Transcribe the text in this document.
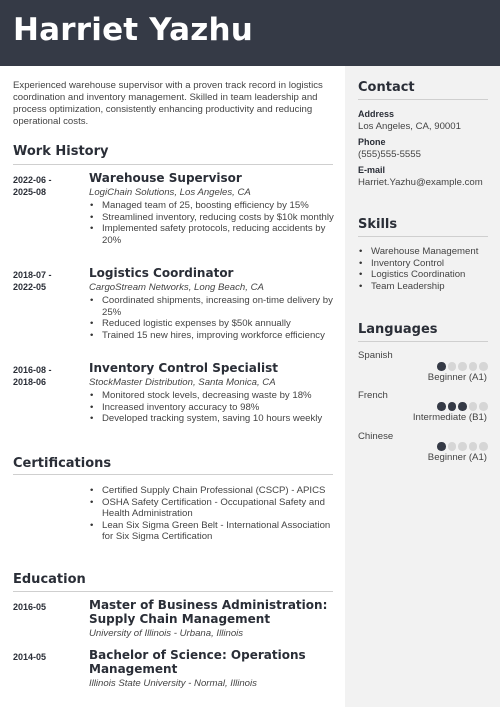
Harriet Yazhu

Experienced warehouse supervisor with a proven track record in logistics coordination and inventory management. Skilled in team leadership and process optimization, consistently enhancing productivity and reducing operational costs.

Work History
2022-06 -
2025-08
Warehouse Supervisor
LogiChain Solutions, Los Angeles, CA
• Managed team of 25, boosting efficiency by 15%
• Streamlined inventory, reducing costs by $10k monthly
• Implemented safety protocols, reducing accidents by 20%
2018-07 -
2022-05
Logistics Coordinator
CargoStream Networks, Long Beach, CA
• Coordinated shipments, increasing on-time delivery by 25%
• Reduced logistic expenses by $50k annually
• Trained 15 new hires, improving workforce efficiency
2016-08 -
2018-06
Inventory Control Specialist
StockMaster Distribution, Santa Monica, CA
• Monitored stock levels, decreasing waste by 18%
• Increased inventory accuracy to 98%
• Developed tracking system, saving 10 hours weekly
Certifications
• Certified Supply Chain Professional (CSCP) - APICS
• OSHA Safety Certification - Occupational Safety and Health Administration
• Lean Six Sigma Green Belt - International Association for Six Sigma Certification
Education
2016-05	Master of Business Administration: Supply Chain Management
University of Illinois - Urbana, Illinois
2014-05	Bachelor of Science: Operations Management
Illinois State University - Normal, Illinois
Contact
Address
Los Angeles, CA, 90001
Phone
(555)555-5555
E-mail
Harriet.Yazhu@example.com
Skills
• Warehouse Management
• Inventory Control
• Logistics Coordination
• Team Leadership
Languages
Spanish
Beginner (A1)
French
Intermediate (B1)
Chinese
Beginner (A1)
